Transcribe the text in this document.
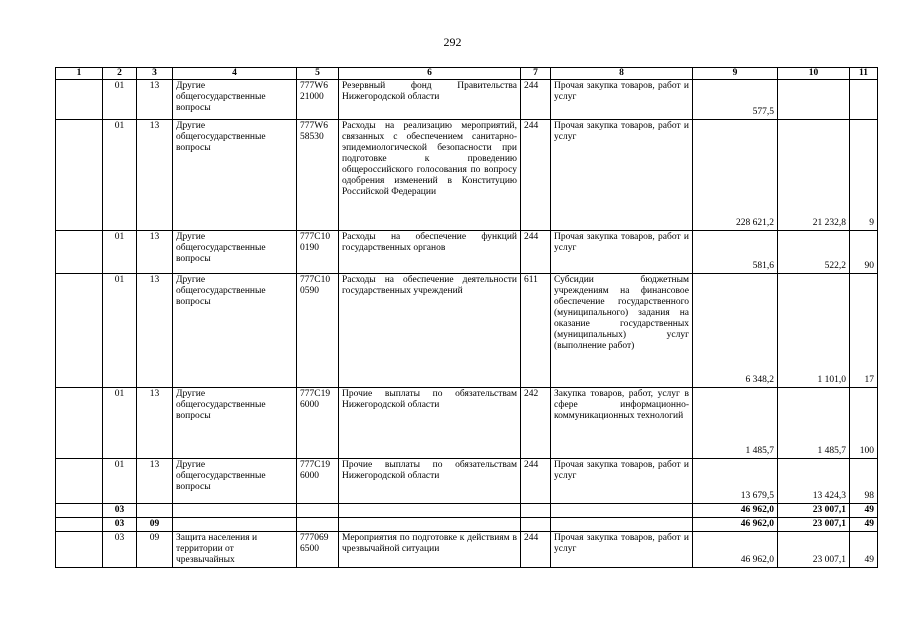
292
1	2	3	4	5	6	7	8	9	10	11
	01	13	Другие общегосударственные вопросы	777W6 21000	Резервный фонд Правительства Нижегородской области	244	Прочая закупка товаров, работ и услуг	577,5		
	01	13	Другие общегосударственные вопросы	777W6 58530	Расходы на реализацию мероприятий, связанных с обеспечением санитарно-эпидемиологической безопасности при подготовке к проведению общероссийского голосования по вопросу одобрения изменений в Конституцию Российской Федерации	244	Прочая закупка товаров, работ и услуг	228 621,2	21 232,8	9
	01	13	Другие общегосударственные вопросы	777С10 0190	Расходы на обеспечение функций государственных органов	244	Прочая закупка товаров, работ и услуг	581,6	522,2	90
	01	13	Другие общегосударственные вопросы	777С10 0590	Расходы на обеспечение деятельности государственных учреждений	611	Субсидии бюджетным учреждениям на финансовое обеспечение государственного (муниципального) задания на оказание государственных (муниципальных) услуг (выполнение работ)	6 348,2	1 101,0	17
	01	13	Другие общегосударственные вопросы	777С19 6000	Прочие выплаты по обязательствам Нижегородской области	242	Закупка товаров, работ, услуг в сфере информационно-коммуникационных технологий	1 485,7	1 485,7	100
	01	13	Другие общегосударственные вопросы	777С19 6000	Прочие выплаты по обязательствам Нижегородской области	244	Прочая закупка товаров, работ и услуг	13 679,5	13 424,3	98
	03							46 962,0	23 007,1	49
	03	09						46 962,0	23 007,1	49
	03	09	Защита населения и территории от чрезвычайных	777069 6500	Мероприятия по подготовке к действиям в чрезвычайной ситуации	244	Прочая закупка товаров, работ и услуг	46 962,0	23 007,1	49
